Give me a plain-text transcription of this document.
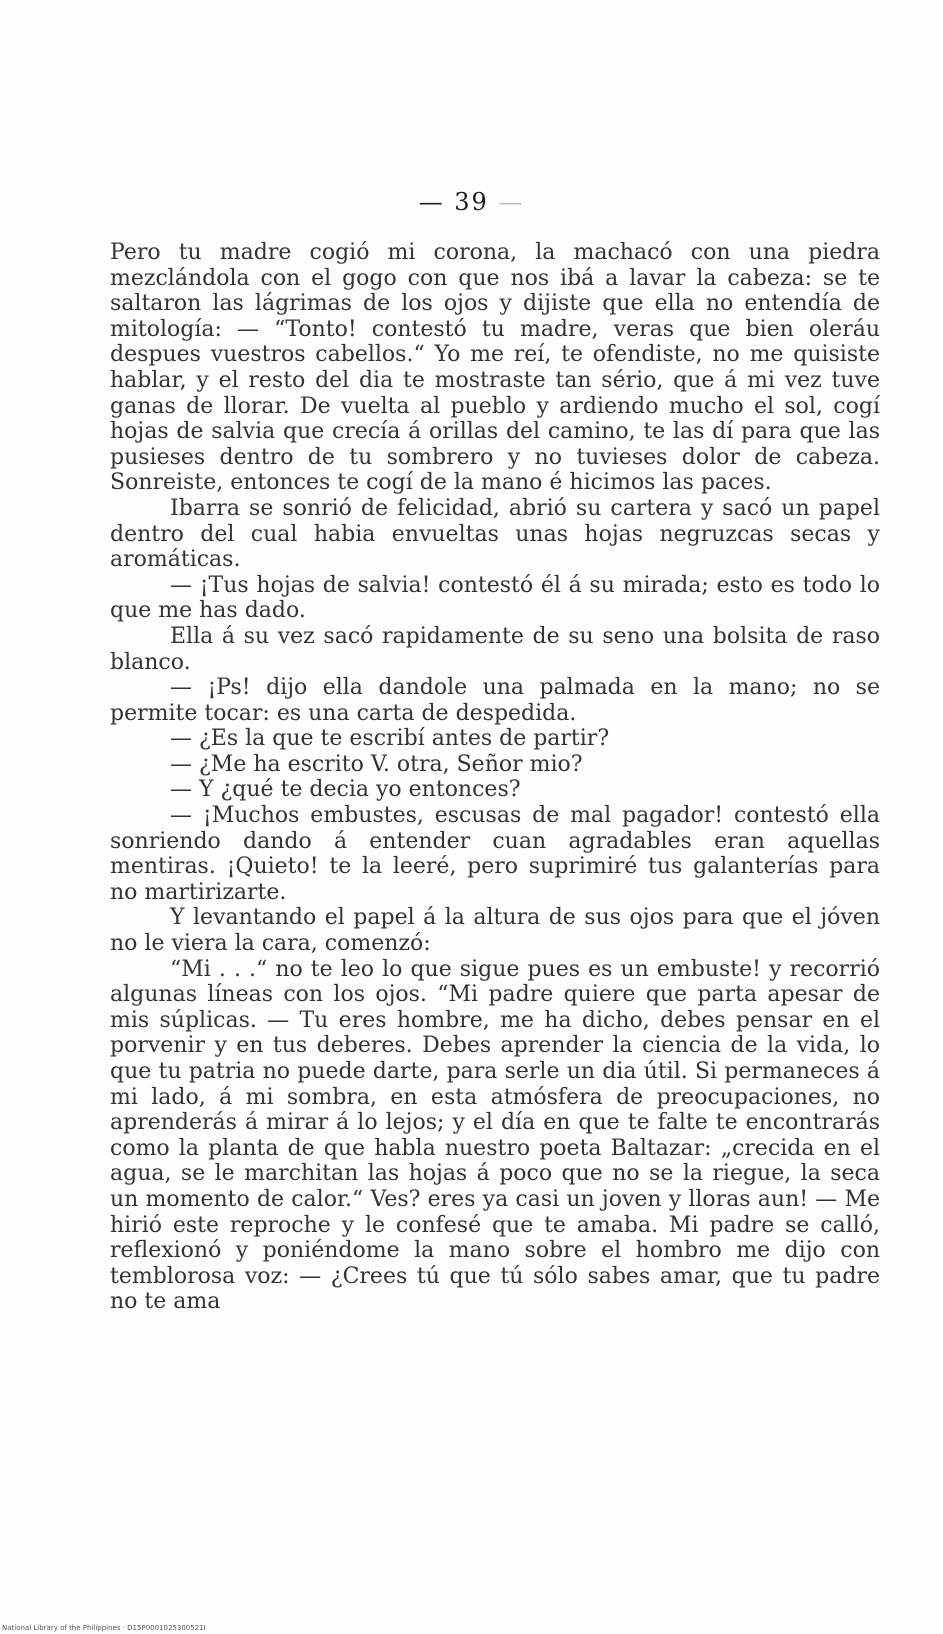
— 39 —

Pero tu madre cogió mi corona, la machacó con una piedra mezclándola con el gogo con que nos ibá a lavar la cabeza: se te saltaron las lágrimas de los ojos y dijiste que ella no entendía de mitología: — “Tonto! contestó tu madre, veras que bien oleráu despues vuestros cabellos.“ Yo me reí, te ofendiste, no me quisiste hablar, y el resto del dia te mostraste tan sério, que á mi vez tuve ganas de llorar. De vuelta al pueblo y ardiendo mucho el sol, cogí hojas de salvia que crecía á orillas del camino, te las dí para que las pusieses dentro de tu sombrero y no tuvieses dolor de cabeza. Sonreiste, entonces te cogí de la mano é hicimos las paces.

Ibarra se sonrió de felicidad, abrió su cartera y sacó un papel dentro del cual habia envueltas unas hojas negruzcas secas y aromáticas.

— ¡Tus hojas de salvia! contestó él á su mirada; esto es todo lo que me has dado.

Ella á su vez sacó rapidamente de su seno una bolsita de raso blanco.

— ¡Ps! dijo ella dandole una palmada en la mano; no se permite tocar: es una carta de despedida.

— ¿Es la que te escribí antes de partir?

— ¿Me ha escrito V. otra, Señor mio?

— Y ¿qué te decia yo entonces?

— ¡Muchos embustes, escusas de mal pagador! contestó ella sonriendo dando á entender cuan agradables eran aquellas mentiras. ¡Quieto! te la leeré, pero suprimiré tus galanterías para no martirizarte.

Y levantando el papel á la altura de sus ojos para que el jóven no le viera la cara, comenzó:

“Mi . . .“ no te leo lo que sigue pues es un embuste! y recorrió algunas líneas con los ojos. “Mi padre quiere que parta apesar de mis súplicas. — Tu eres hombre, me ha dicho, debes pensar en el porvenir y en tus deberes. Debes aprender la ciencia de la vida, lo que tu patria no puede darte, para serle un dia útil. Si permaneces á mi lado, á mi sombra, en esta atmósfera de preocupaciones, no aprenderás á mirar á lo lejos; y el día en que te falte te encontrarás como la planta de que habla nuestro poeta Baltazar: „crecida en el agua, se le marchitan las hojas á poco que no se la riegue, la seca un momento de calor.“ Ves? eres ya casi un joven y lloras aun! — Me hirió este reproche y le confesé que te amaba. Mi padre se calló, reflexionó y poniéndome la mano sobre el hombro me dijo con temblorosa voz: — ¿Crees tú que tú sólo sabes amar, que tu padre no te ama

National Library of the Philippines · D15P0001025300521I
